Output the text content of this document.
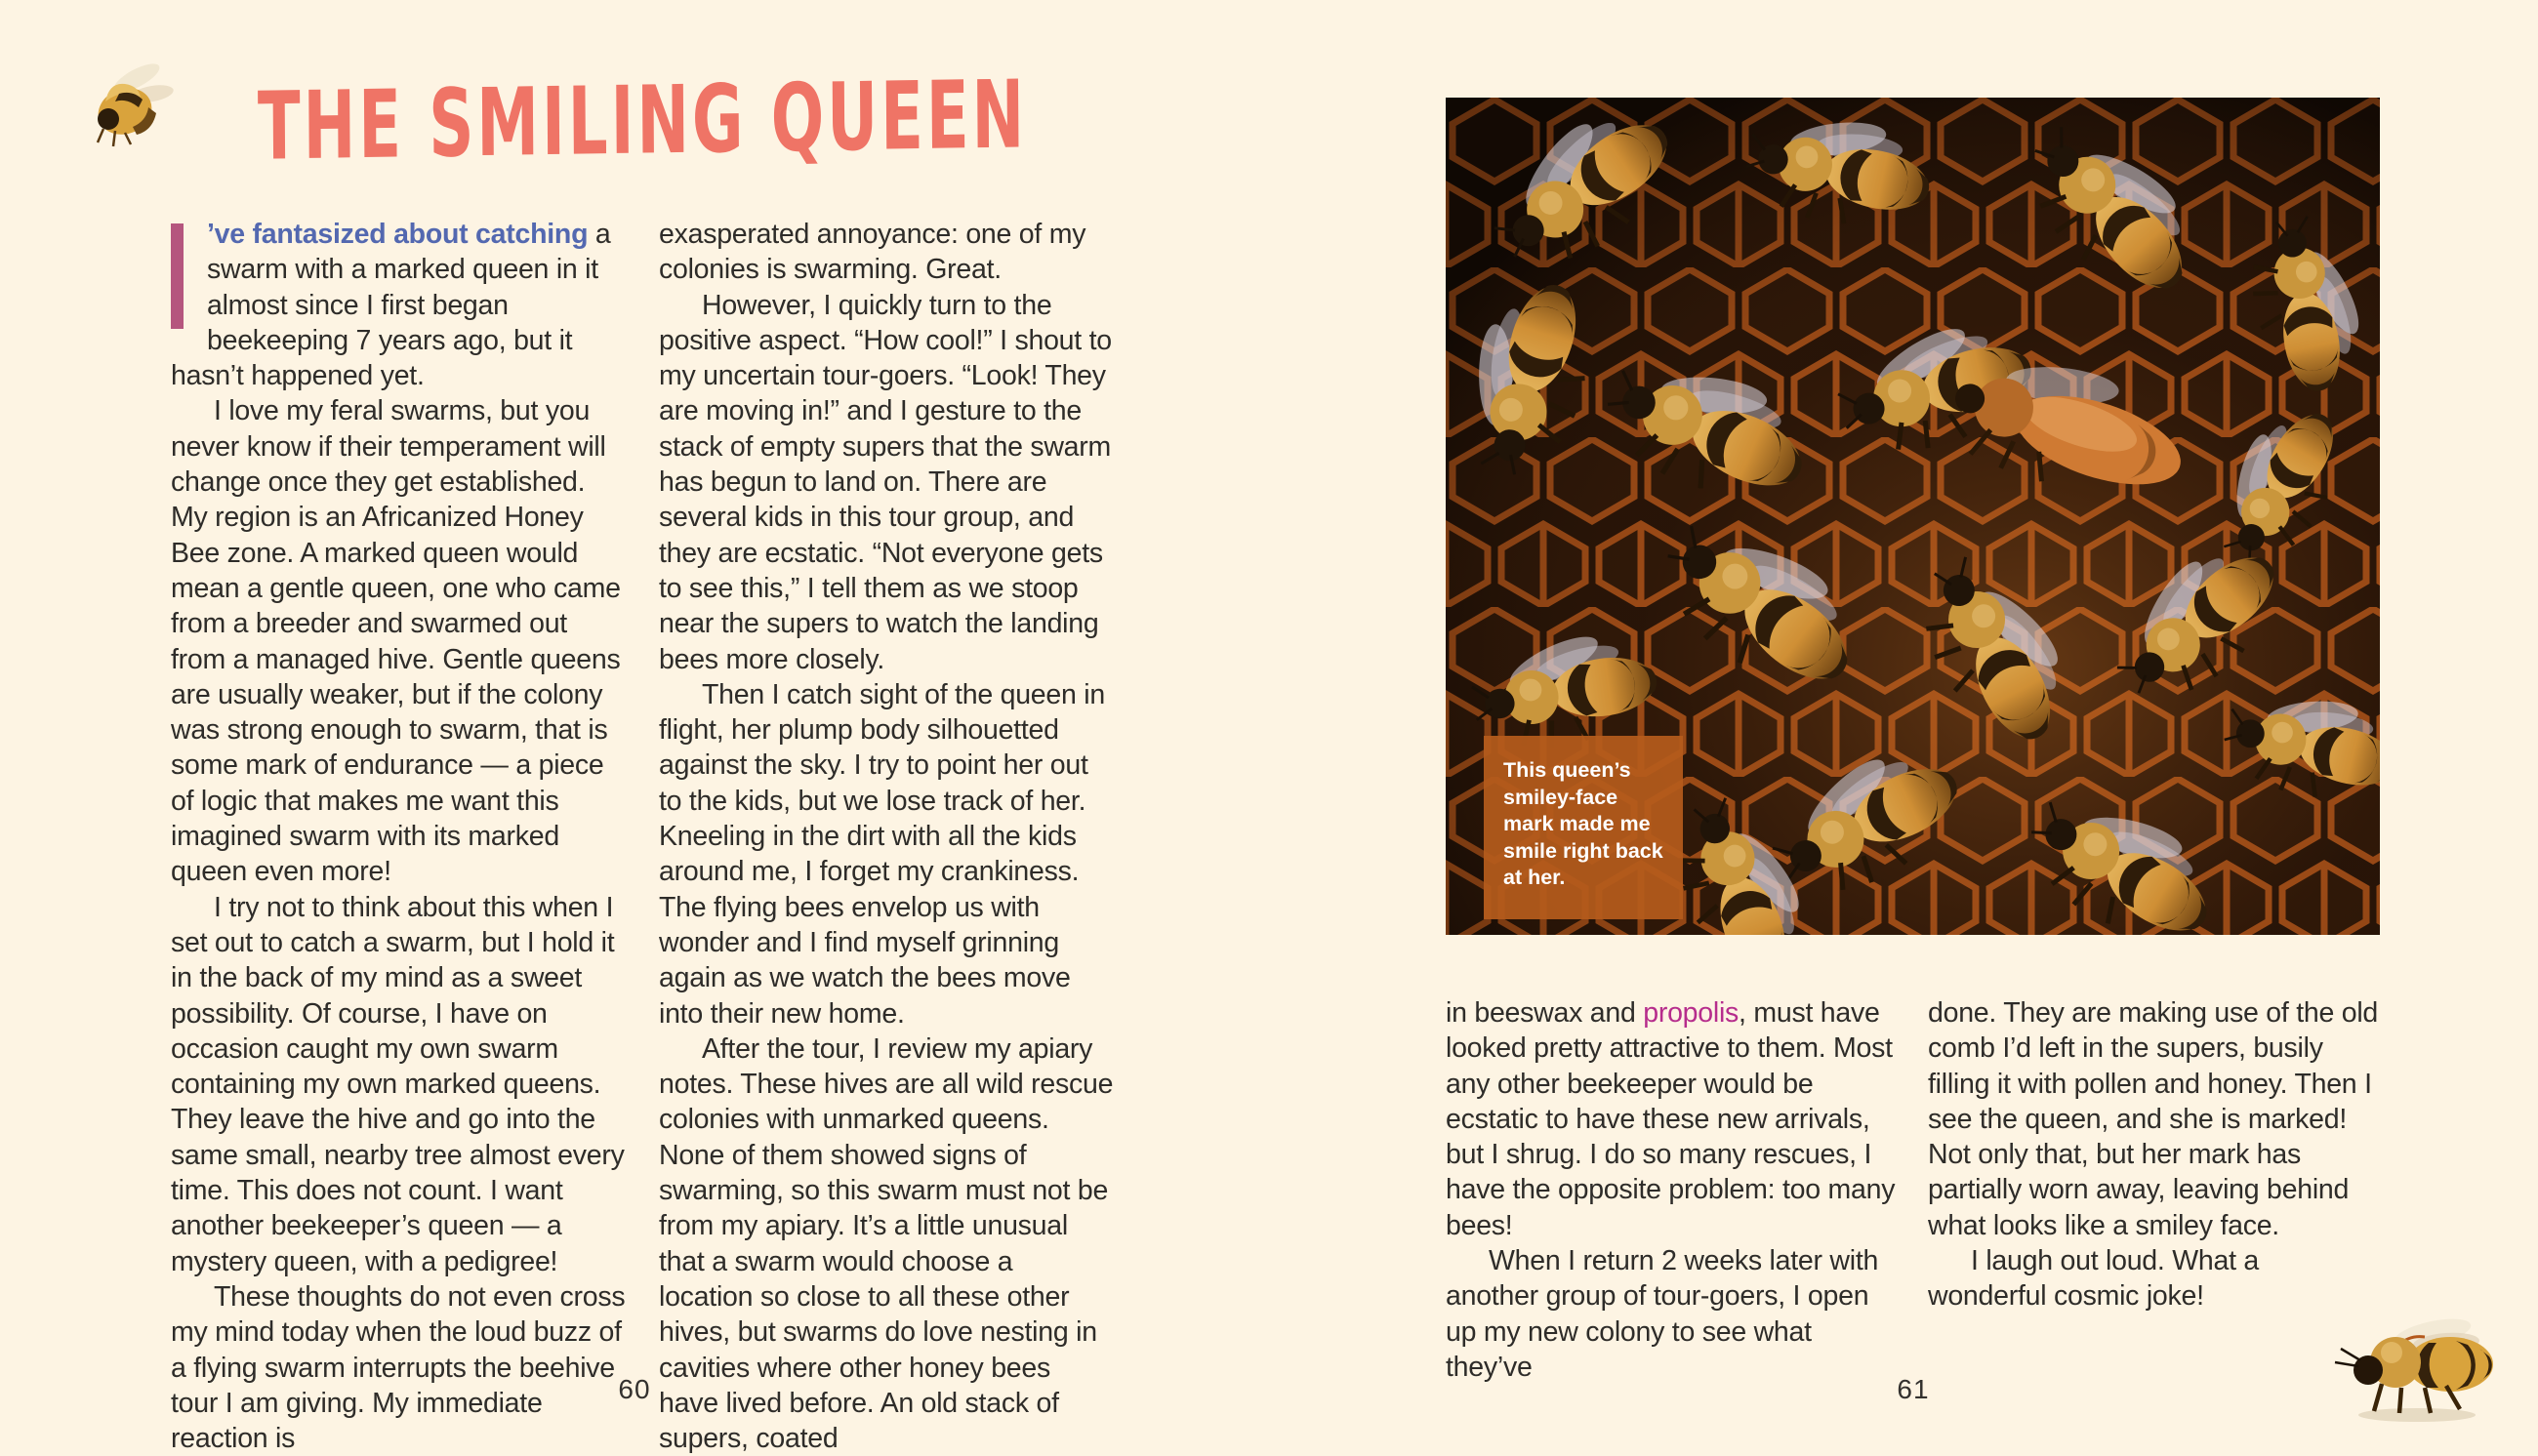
THE SMILING QUEEN

’ve fantasized about catching a swarm with a marked queen in it almost since I first began beekeeping 7 years ago, but it hasn’t happened yet.

I love my feral swarms, but you never know if their temperament will change once they get established. My region is an Africanized Honey Bee zone. A marked queen would mean a gentle queen, one who came from a breeder and swarmed out from a managed hive. Gentle queens are usually weaker, but if the colony was strong enough to swarm, that is some mark of endurance — a piece of logic that makes me want this imagined swarm with its marked queen even more!

I try not to think about this when I set out to catch a swarm, but I hold it in the back of my mind as a sweet possibility. Of course, I have on occasion caught my own swarm containing my own marked queens. They leave the hive and go into the same small, nearby tree almost every time. This does not count. I want another beekeeper’s queen — a mystery queen, with a pedigree!

These thoughts do not even cross my mind today when the loud buzz of a flying swarm interrupts the beehive tour I am giving. My immediate reaction is

exasperated annoyance: one of my colonies is swarming. Great.

However, I quickly turn to the positive aspect. “How cool!” I shout to my uncertain tour-goers. “Look! They are moving in!” and I gesture to the stack of empty supers that the swarm has begun to land on. There are several kids in this tour group, and they are ecstatic. “Not everyone gets to see this,” I tell them as we stoop near the supers to watch the landing bees more closely.

Then I catch sight of the queen in flight, her plump body silhouetted against the sky. I try to point her out to the kids, but we lose track of her. Kneeling in the dirt with all the kids around me, I forget my crankiness. The flying bees envelop us with wonder and I find myself grinning again as we watch the bees move into their new home.

After the tour, I review my apiary notes. These hives are all wild rescue colonies with unmarked queens. None of them showed signs of swarming, so this swarm must not be from my apiary. It’s a little unusual that a swarm would choose a location so close to all these other hives, but swarms do love nesting in cavities where other honey bees have lived before. An old stack of supers, coated

60
This queen’s smiley-face mark made me smile right back at her.

in beeswax and propolis, must have looked pretty attractive to them. Most any other beekeeper would be ecstatic to have these new arrivals, but I shrug. I do so many rescues, I have the opposite problem: too many bees!

When I return 2 weeks later with another group of tour-goers, I open up my new colony to see what they’ve

done. They are making use of the old comb I’d left in the supers, busily filling it with pollen and honey. Then I see the queen, and she is marked! Not only that, but her mark has partially worn away, leaving behind what looks like a smiley face.

I laugh out loud. What a wonderful cosmic joke!

61
